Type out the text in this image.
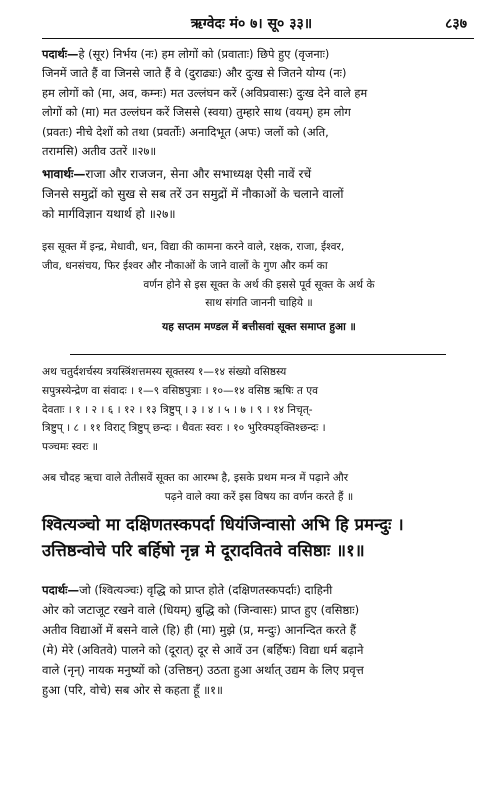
ऋग्वेदः मं० ७। सू० ३३॥	८३७

पदार्थः—हे (सूर) निर्भय (नः) हम लोगों को (प्रवाताः) छिपे हुए (वृजनाः)

जिनमें जाते हैं वा जिनसे जाते हैं वे (दुराढ्यः) और दुःख से जितने योग्य (नः)

हम लोगों को (मा, अव, कम्नः) मत उल्लंघन करें (अविप्रवासः) दुःख देने वाले हम

लोगों को (मा) मत उल्लंघन करें जिससे (स्वया) तुम्हारे साथ (वयम्) हम लोग

(प्रवतः) नीचे देशों को तथा (प्रवर्तोः) अनादिभूत (अपः) जलों को (अति,

तरामसि) अतीव उतरें ॥२७॥

भावार्थः—राजा और राजजन, सेना और सभाध्यक्ष ऐसी नावें रचें

जिनसे समुद्रों को सुख से सब तरें उन समुद्रों में नौकाओं के चलाने वालों

को मार्गविज्ञान यथार्थ हो ॥२७॥

इस सूक्त में इन्द्र, मेधावी, धन, विद्या की कामना करने वाले, रक्षक, राजा, ईश्वर,

जीव, धनसंचय, फिर ईश्वर और नौकाओं के जाने वालों के गुण और कर्म का

वर्णन होने से इस सूक्त के अर्थ की इससे पूर्व सूक्त के अर्थ के

साथ संगति जाननी चाहिये ॥

यह सप्तम मण्डल में बत्तीसवां सूक्त समाप्त हुआ ॥

अथ चतुर्दशर्चस्य त्रयस्त्रिंशत्तमस्य सूक्तस्य १—१४ संख्यो वसिष्ठस्य

सपुत्रस्येन्द्रेण वा संवादः । १—९ वसिष्ठपुत्राः । १०—१४ वसिष्ठ ऋषिः त एव

देवताः । १ । २ । ६ । १२ । १३ त्रिष्टुप् । ३ । ४ । ५ । ७ । ९ । १४ निचृत्-

त्रिष्टुप् । ८ । ११ विराट् त्रिष्टुप् छन्दः । धैवतः स्वरः । १० भुरिक्पङ्क्तिश्छन्दः ।

पञ्चमः स्वरः ॥

अब चौदह ऋचा वाले तेतीसवें सूक्त का आरम्भ है, इसके प्रथम मन्त्र में पढ़ाने और

पढ़ने वाले क्या करें इस विषय का वर्णन करते हैं ॥

श्वित्यञ्चो मा दक्षिणतस्कपर्दा धियंजिन्वासो अभि हि प्रमन्दुः ।

उत्तिष्ठन्वोचे परि बर्हिषो नृन्न मे दूरादवितवे वसिष्ठाः ॥१॥

पदार्थः—जो (श्वित्यञ्चः) वृद्धि को प्राप्त होते (दक्षिणतस्कपर्दाः) दाहिनी

ओर को जटाजूट रखने वाले (धियम्) बुद्धि को (जिन्वासः) प्राप्त हुए (वसिष्ठाः)

अतीव विद्याओं में बसने वाले (हि) ही (मा) मुझे (प्र, मन्दुः) आनन्दित करते हैं

(मे) मेरे (अवितवे) पालने को (दूरात्) दूर से आवें उन (बर्हिषः) विद्या धर्म बढ़ाने

वाले (नृन्) नायक मनुष्यों को (उत्तिष्ठन्) उठता हुआ अर्थात् उद्यम के लिए प्रवृत्त

हुआ (परि, वोचे) सब ओर से कहता हूँ ॥१॥
